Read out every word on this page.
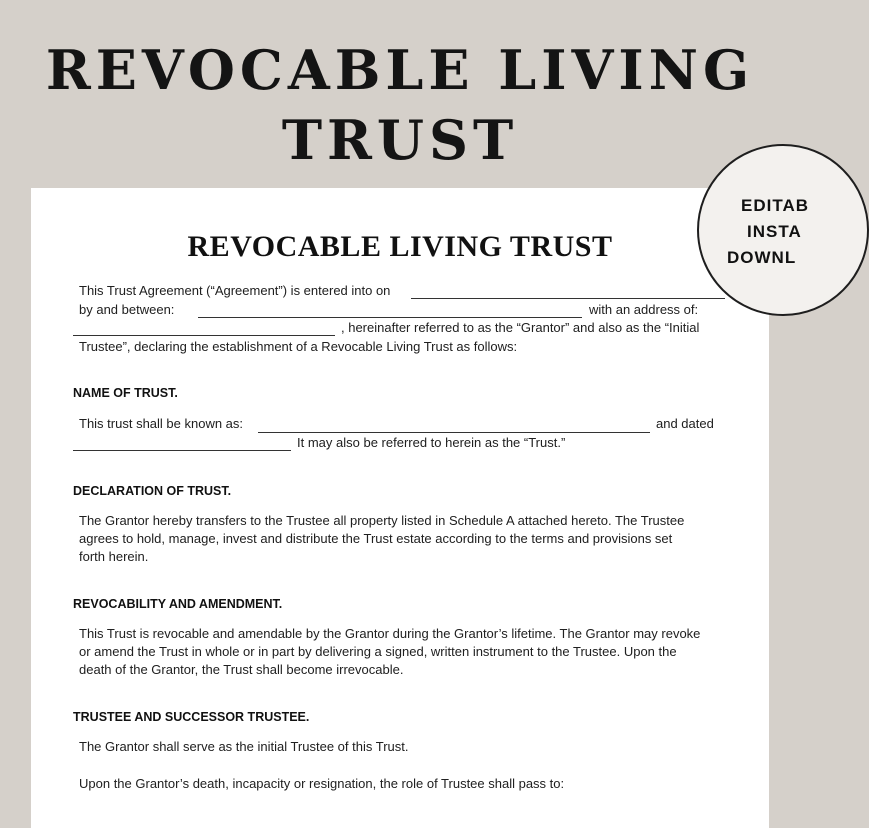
REVOCABLE LIVING
TRUST
REVOCABLE LIVING TRUST
This Trust Agreement (“Agreement”) is entered into on
by and between:	with an address of:
, hereinafter referred to as the “Grantor” and also as the “Initial
Trustee”, declaring the establishment of a Revocable Living Trust as follows:
NAME OF TRUST.
This trust shall be known as:	and dated
It may also be referred to herein as the “Trust.”
DECLARATION OF TRUST.

The Grantor hereby transfers to the Trustee all property listed in Schedule A attached hereto. The Trustee
agrees to hold, manage, invest and distribute the Trust estate according to the terms and provisions set
forth herein.

REVOCABILITY AND AMENDMENT.

This Trust is revocable and amendable by the Grantor during the Grantor’s lifetime. The Grantor may revoke
or amend the Trust in whole or in part by delivering a signed, written instrument to the Trustee. Upon the
death of the Grantor, the Trust shall become irrevocable.

TRUSTEE AND SUCCESSOR TRUSTEE.
The Grantor shall serve as the initial Trustee of this Trust.
Upon the Grantor’s death, incapacity or resignation, the role of Trustee shall pass to:
EDITAB
INSTA
DOWNL
